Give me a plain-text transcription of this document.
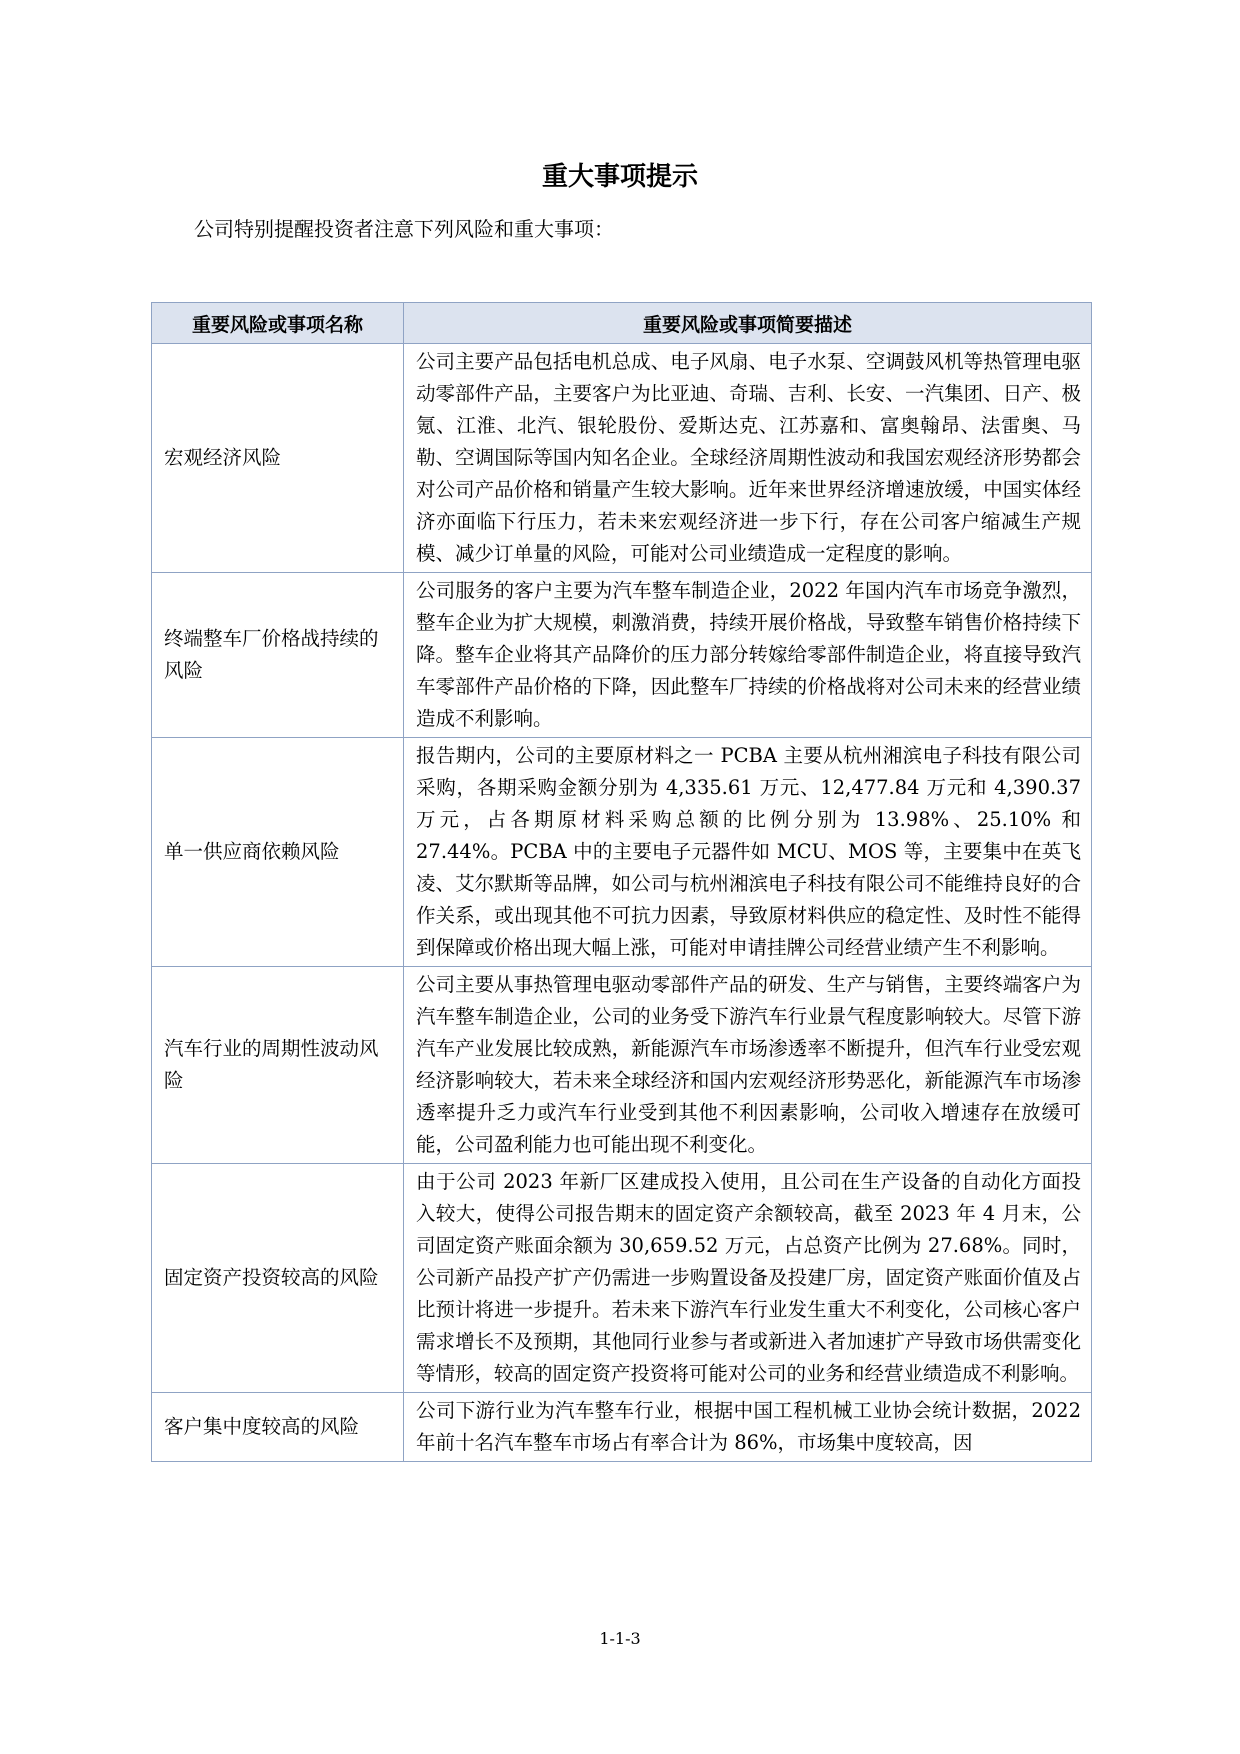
重大事项提示
公司特别提醒投资者注意下列风险和重大事项：
重要风险或事项名称	重要风险或事项简要描述
宏观经济风险	公司主要产品包括电机总成、电子风扇、电子水泵、空调鼓风机等热管理电驱动零部件产品，主要客户为比亚迪、奇瑞、吉利、长安、一汽集团、日产、极氪、江淮、北汽、银轮股份、爱斯达克、江苏嘉和、富奥翰昂、法雷奥、马勒、空调国际等国内知名企业。全球经济周期性波动和我国宏观经济形势都会对公司产品价格和销量产生较大影响。近年来世界经济增速放缓，中国实体经济亦面临下行压力，若未来宏观经济进一步下行，存在公司客户缩减生产规模、减少订单量的风险，可能对公司业绩造成一定程度的影响。
终端整车厂价格战持续的风险	公司服务的客户主要为汽车整车制造企业，2022 年国内汽车市场竞争激烈，整车企业为扩大规模，刺激消费，持续开展价格战，导致整车销售价格持续下降。整车企业将其产品降价的压力部分转嫁给零部件制造企业，将直接导致汽车零部件产品价格的下降，因此整车厂持续的价格战将对公司未来的经营业绩造成不利影响。
单一供应商依赖风险	报告期内，公司的主要原材料之一 PCBA 主要从杭州湘滨电子科技有限公司采购，各期采购金额分别为 4,335.61 万元、12,477.84 万元和 4,390.37 万元，占各期原材料采购总额的比例分别为 13.98%、25.10% 和 27.44%。PCBA 中的主要电子元器件如 MCU、MOS 等，主要集中在英飞凌、艾尔默斯等品牌，如公司与杭州湘滨电子科技有限公司不能维持良好的合作关系，或出现其他不可抗力因素，导致原材料供应的稳定性、及时性不能得到保障或价格出现大幅上涨，可能对申请挂牌公司经营业绩产生不利影响。
汽车行业的周期性波动风险	公司主要从事热管理电驱动零部件产品的研发、生产与销售，主要终端客户为汽车整车制造企业，公司的业务受下游汽车行业景气程度影响较大。尽管下游汽车产业发展比较成熟，新能源汽车市场渗透率不断提升，但汽车行业受宏观经济影响较大，若未来全球经济和国内宏观经济形势恶化，新能源汽车市场渗透率提升乏力或汽车行业受到其他不利因素影响，公司收入增速存在放缓可能，公司盈利能力也可能出现不利变化。
固定资产投资较高的风险	由于公司 2023 年新厂区建成投入使用，且公司在生产设备的自动化方面投入较大，使得公司报告期末的固定资产余额较高，截至 2023 年 4 月末，公司固定资产账面余额为 30,659.52 万元，占总资产比例为 27.68%。同时，公司新产品投产扩产仍需进一步购置设备及投建厂房，固定资产账面价值及占比预计将进一步提升。若未来下游汽车行业发生重大不利变化，公司核心客户需求增长不及预期，其他同行业参与者或新进入者加速扩产导致市场供需变化等情形，较高的固定资产投资将可能对公司的业务和经营业绩造成不利影响。
客户集中度较高的风险	公司下游行业为汽车整车行业，根据中国工程机械工业协会统计数据，2022 年前十名汽车整车市场占有率合计为 86%，市场集中度较高，因
1-1-3
